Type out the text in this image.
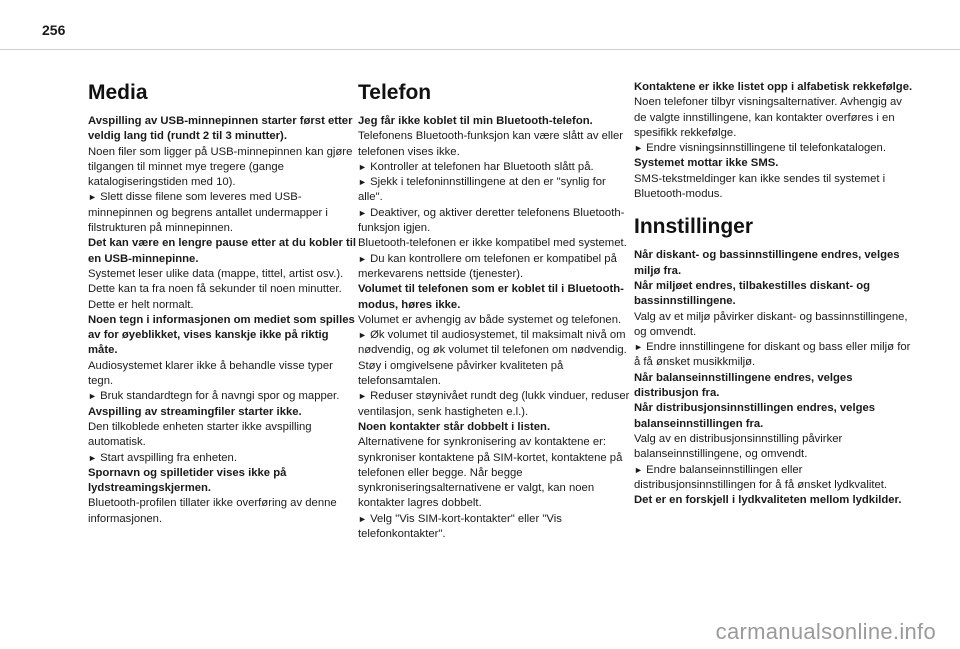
256
Media
Avspilling av USB-minnepinnen starter først etter veldig lang tid (rundt 2 til 3 minutter).
Noen filer som ligger på USB-minnepinnen kan gjøre tilgangen til minnet mye tregere (gange katalogiseringstiden med 10).
► Slett disse filene som leveres med USB-minnepinnen og begrens antallet undermapper i filstrukturen på minnepinnen.
Det kan være en lengre pause etter at du kobler til en USB-minnepinne.
Systemet leser ulike data (mappe, tittel, artist osv.). Dette kan ta fra noen få sekunder til noen minutter.
Dette er helt normalt.
Noen tegn i informasjonen om mediet som spilles av for øyeblikket, vises kanskje ikke på riktig måte.
Audiosystemet klarer ikke å behandle visse typer tegn.
► Bruk standardtegn for å navngi spor og mapper.
Avspilling av streamingfiler starter ikke.
Den tilkoblede enheten starter ikke avspilling automatisk.
► Start avspilling fra enheten.
Spornavn og spilletider vises ikke på lydstreamingskjermen.
Bluetooth-profilen tillater ikke overføring av denne informasjonen.
Telefon
Jeg får ikke koblet til min Bluetooth-telefon.
Telefonens Bluetooth-funksjon kan være slått av eller telefonen vises ikke.
► Kontroller at telefonen har Bluetooth slått på.
► Sjekk i telefoninnstillingene at den er "synlig for alle".
► Deaktiver, og aktiver deretter telefonens Bluetooth-funksjon igjen.
Bluetooth-telefonen er ikke kompatibel med systemet.
► Du kan kontrollere om telefonen er kompatibel på merkevarens nettside (tjenester).
Volumet til telefonen som er koblet til i Bluetooth-modus, høres ikke.
Volumet er avhengig av både systemet og telefonen.
► Øk volumet til audiosystemet, til maksimalt nivå om nødvendig, og øk volumet til telefonen om nødvendig.
Støy i omgivelsene påvirker kvaliteten på telefonsamtalen.
► Reduser støynivået rundt deg (lukk vinduer, reduser ventilasjon, senk hastigheten e.l.).
Noen kontakter står dobbelt i listen.
Alternativene for synkronisering av kontaktene er: synkroniser kontaktene på SIM-kortet, kontaktene på telefonen eller begge. Når begge synkroniseringsalternativene er valgt, kan noen kontakter lagres dobbelt.
► Velg "Vis SIM-kort-kontakter" eller "Vis telefonkontakter".
Kontaktene er ikke listet opp i alfabetisk rekkefølge.
Noen telefoner tilbyr visningsalternativer. Avhengig av de valgte innstillingene, kan kontakter overføres i en spesifikk rekkefølge.
► Endre visningsinnstillingene til telefonkatalogen.
Systemet mottar ikke SMS.
SMS-tekstmeldinger kan ikke sendes til systemet i Bluetooth-modus.
Innstillinger
Når diskant- og bassinnstillingene endres, velges miljø fra.
Når miljøet endres, tilbakestilles diskant- og bassinnstillingene.
Valg av et miljø påvirker diskant- og bassinnstillingene, og omvendt.
► Endre innstillingene for diskant og bass eller miljø for å få ønsket musikkmiljø.
Når balanseinnstillingene endres, velges distribusjon fra.
Når distribusjonsinnstillingen endres, velges balanseinnstillingen fra.
Valg av en distribusjonsinnstilling påvirker balanseinnstillingene, og omvendt.
► Endre balanseinnstillingen eller distribusjonsinnstillingen for å få ønsket lydkvalitet.
Det er en forskjell i lydkvaliteten mellom lydkilder.
carmanualsonline.info
